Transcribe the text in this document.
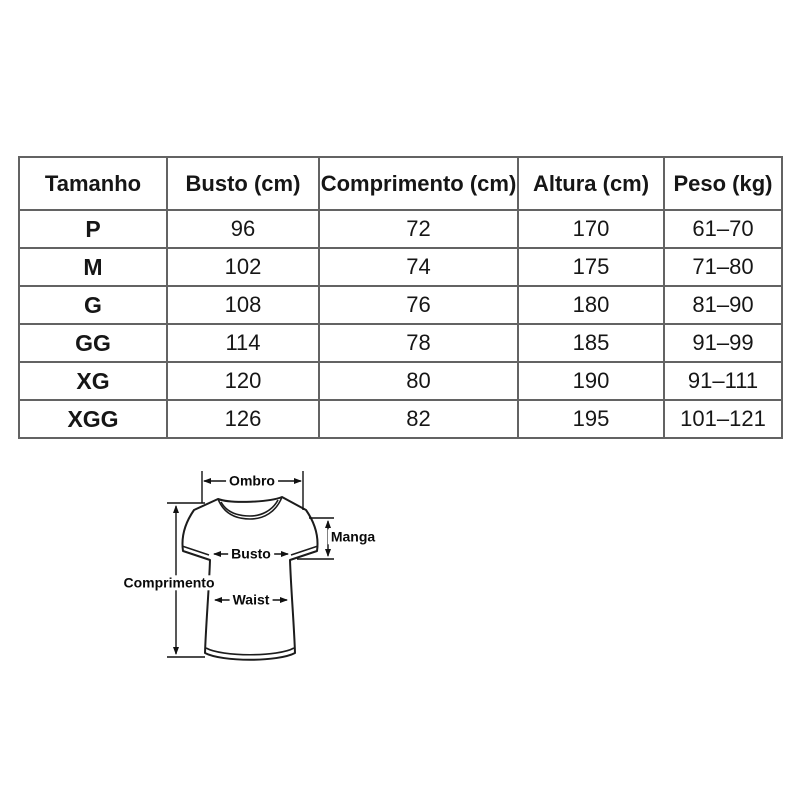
Tamanho	Busto (cm)	Comprimento (cm)	Altura (cm)	Peso (kg)
P	96	72	170	61–70
M	102	74	175	71–80
G	108	76	180	81–90
GG	114	78	185	91–99
XG	120	80	190	91–111
XGG	126	82	195	101–121
Ombro
Comprimento
Manga
Busto
Waist
